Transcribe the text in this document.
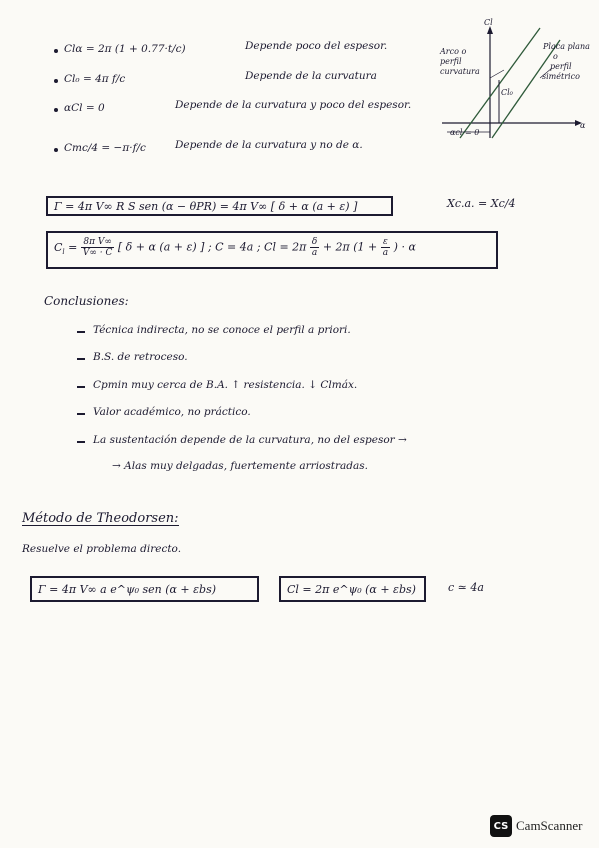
Clα = 2π (1 + 0.77·t/c)	Depende poco del espesor.
Cl₀ = 4π f/c	Depende de la curvatura
αCl = 0	Depende de la curvatura y poco del espesor.
Cmc/4 = −π·f/c	Depende de la curvatura y no de α.
Cl
α
Arco o
perfil
curvatura
Placa plana
o
perfil
simétrico
Cl₀
αcl = 0
Γ = 4π V∞ R S sen (α − θPR) = 4π V∞ [ δ + α (a + ε) ]	Xc.a. = Xc/4
$C_l = \frac{\text{8π V∞}}{V\infty \cdot C}$ [ δ + α (a + ε) ] ; C = 4a ; $Cl = 2\pi \frac{\delta}{a} + 2\pi$ ($1 + \frac{\varepsilon}{a}$ ) · α
Conclusiones:
Técnica indirecta, no se conoce el perfil a priori.
B.S. de retroceso.
Cpmin muy cerca de B.A. ↑ resistencia. ↓ Clmáx.
Valor académico, no práctico.
La sustentación depende de la curvatura, no del espesor →
→ Alas muy delgadas, fuertemente arriostradas.
Método de Theodorsen:
Resuelve el problema directo.
Γ = 4π V∞ a e^ψ₀ sen (α + εbs)	Cl = 2π e^ψ₀ (α + εbs)	c ≃ 4a
CS CamScanner
